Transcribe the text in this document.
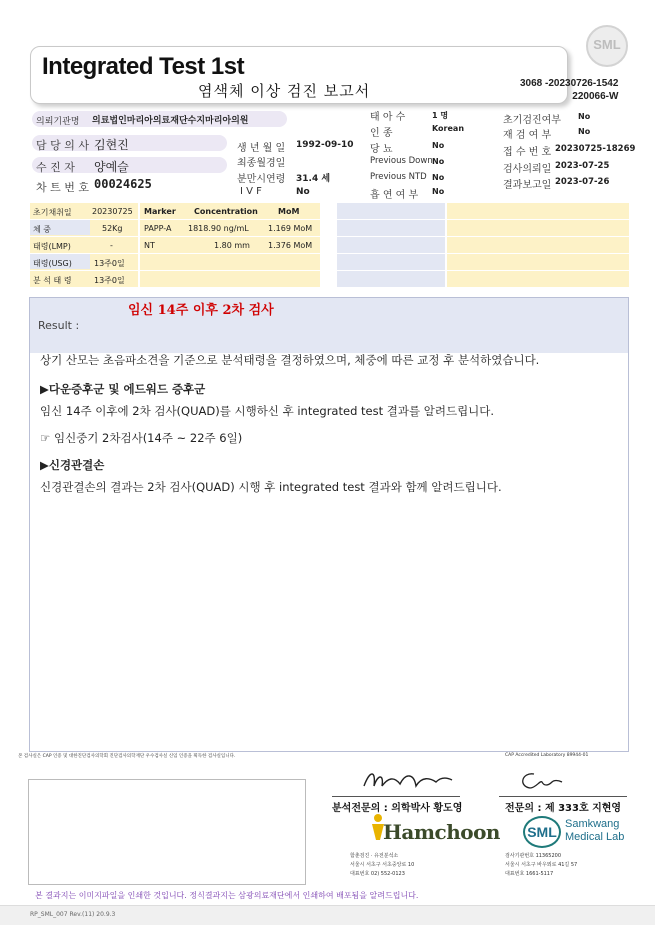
SML
Integrated Test 1st
염색체 이상 검진 보고서	3068 -20230726-1542
220066-W
의뢰기관명 의료법인마리아의료재단수지마리아의원
담 당 의 사 김현진
수 진 자 양예슬
차 트 번 호 00024625
생 년 월 일 1992-09-10
최종월경일
분만시연령 31.4 세
I V F	No
태 아 수	1 명
인 종	Korean
당 뇨	No
Previous Down No
Previous NTD No
흡 연 여 부 No
초기검진여부 No
재 검 여 부	No
접 수 번 호 20230725-18269
검사의뢰일 2023-07-25
결과보고일 2023-07-26
초기채취일	20230725
체 중	52Kg
태령(LMP)	-
태령(USG)	13주0일
분 석 태 령	13주0일
Marker Concentration	MoM
PAPP-A 1818.90 ng/mL 1.169 MoM
NT	1.80 mm 1.376 MoM
Result :
임신 14주 이후 2차 검사
상기 산모는 초음파소견을 기준으로 분석태령을 결정하였으며, 체중에 따른 교정 후 분석하였습니다.
▶다운증후군 및 에드워드 증후군
임신 14주 이후에 2차 검사(QUAD)를 시행하신 후 integrated test 결과를 알려드립니다.
☞ 임신중기 2차검사(14주 ~ 22주 6일)
▶신경관결손
신경관결손의 결과는 2차 검사(QUAD) 시행 후 integrated test 결과와 함께 알려드립니다.
본 검사실은 CAP 인증 및 대한진단검사의학회 진단검사의학재단 우수검사실 신임 인증을 획득한 검사실입니다.	CAP Accredited Laboratory 89944-01
분석전문의 : 의학박사 황도영	전문의 : 제 333호 지현영
Hamchoon
함춘검진 · 유전분석소
서울시 서초구 서초중앙로 10
대표번호 02) 552-0123
SML Samkwang
Medical Lab
검사기관번호 11365200
서울시 서초구 바우뫼로 41길 57
대표번호 1661-5117
본 결과지는 이미지파일을 인쇄한 것입니다. 정식결과지는 삼광의료재단에서 인쇄하여 배포됨을 알려드립니다.
RP_SML_007 Rev.(11) 20.9.3
